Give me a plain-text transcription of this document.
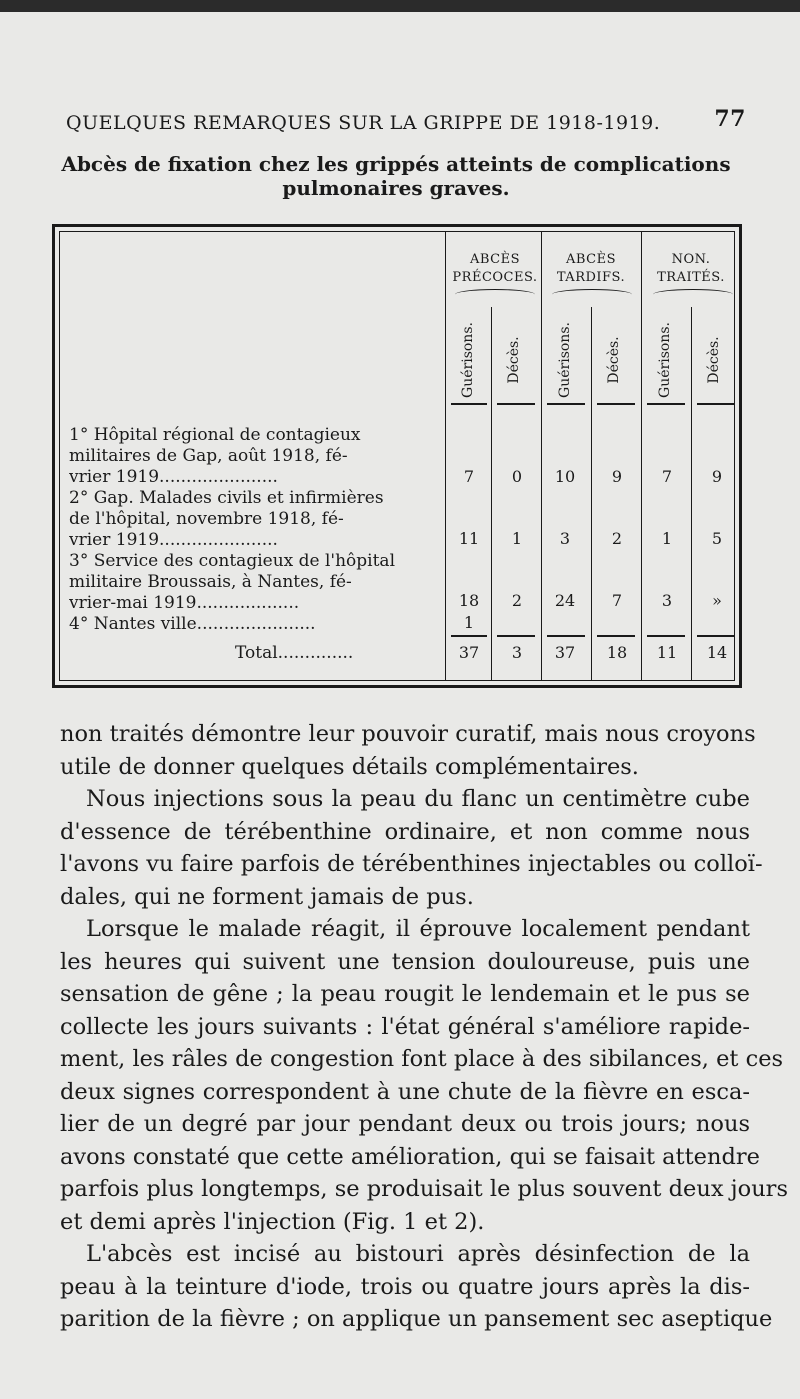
QUELQUES REMARQUES SUR LA GRIPPE DE 1918-1919. 77
Abcès de fixation chez les grippés atteints de complications
pulmonaires graves.
ABCÈS
PRÉCOCES.
ABCÈS
TARDIFS.
NON.
TRAITÉS.
Guérisons. Décès.	Guérisons. Décès.	Guérisons. Décès.
1° Hôpital régional de contagieux
militaires de Gap, août 1918, fé-
vrier 1919......................	7	0	10	9	7	9
2° Gap. Malades civils et infirmières
de l'hôpital, novembre 1918, fé-
vrier 1919......................	11	1	3	2	1	5
3° Service des contagieux de l'hôpital
militaire Broussais, à Nantes, fé-
vrier-mai 1919...................	18	2	24	7	3	»
4° Nantes ville......................	1
Total..............	37	3	37	18	11	14

non traités démontre leur pouvoir curatif, mais nous croyons
utile de donner quelques détails complémentaires.

Nous injections sous la peau du flanc un centimètre cube
d'essence de térébenthine ordinaire, et non comme nous
l'avons vu faire parfois de térébenthines injectables ou colloï-
dales, qui ne forment jamais de pus.

Lorsque le malade réagit, il éprouve localement pendant
les heures qui suivent une tension douloureuse, puis une
sensation de gêne ; la peau rougit le lendemain et le pus se
collecte les jours suivants : l'état général s'améliore rapide-
ment, les râles de congestion font place à des sibilances, et ces
deux signes correspondent à une chute de la fièvre en esca-
lier de un degré par jour pendant deux ou trois jours; nous
avons constaté que cette amélioration, qui se faisait attendre
parfois plus longtemps, se produisait le plus souvent deux jours
et demi après l'injection (Fig. 1 et 2).

L'abcès est incisé au bistouri après désinfection de la
peau à la teinture d'iode, trois ou quatre jours après la dis-
parition de la fièvre ; on applique un pansement sec aseptique
